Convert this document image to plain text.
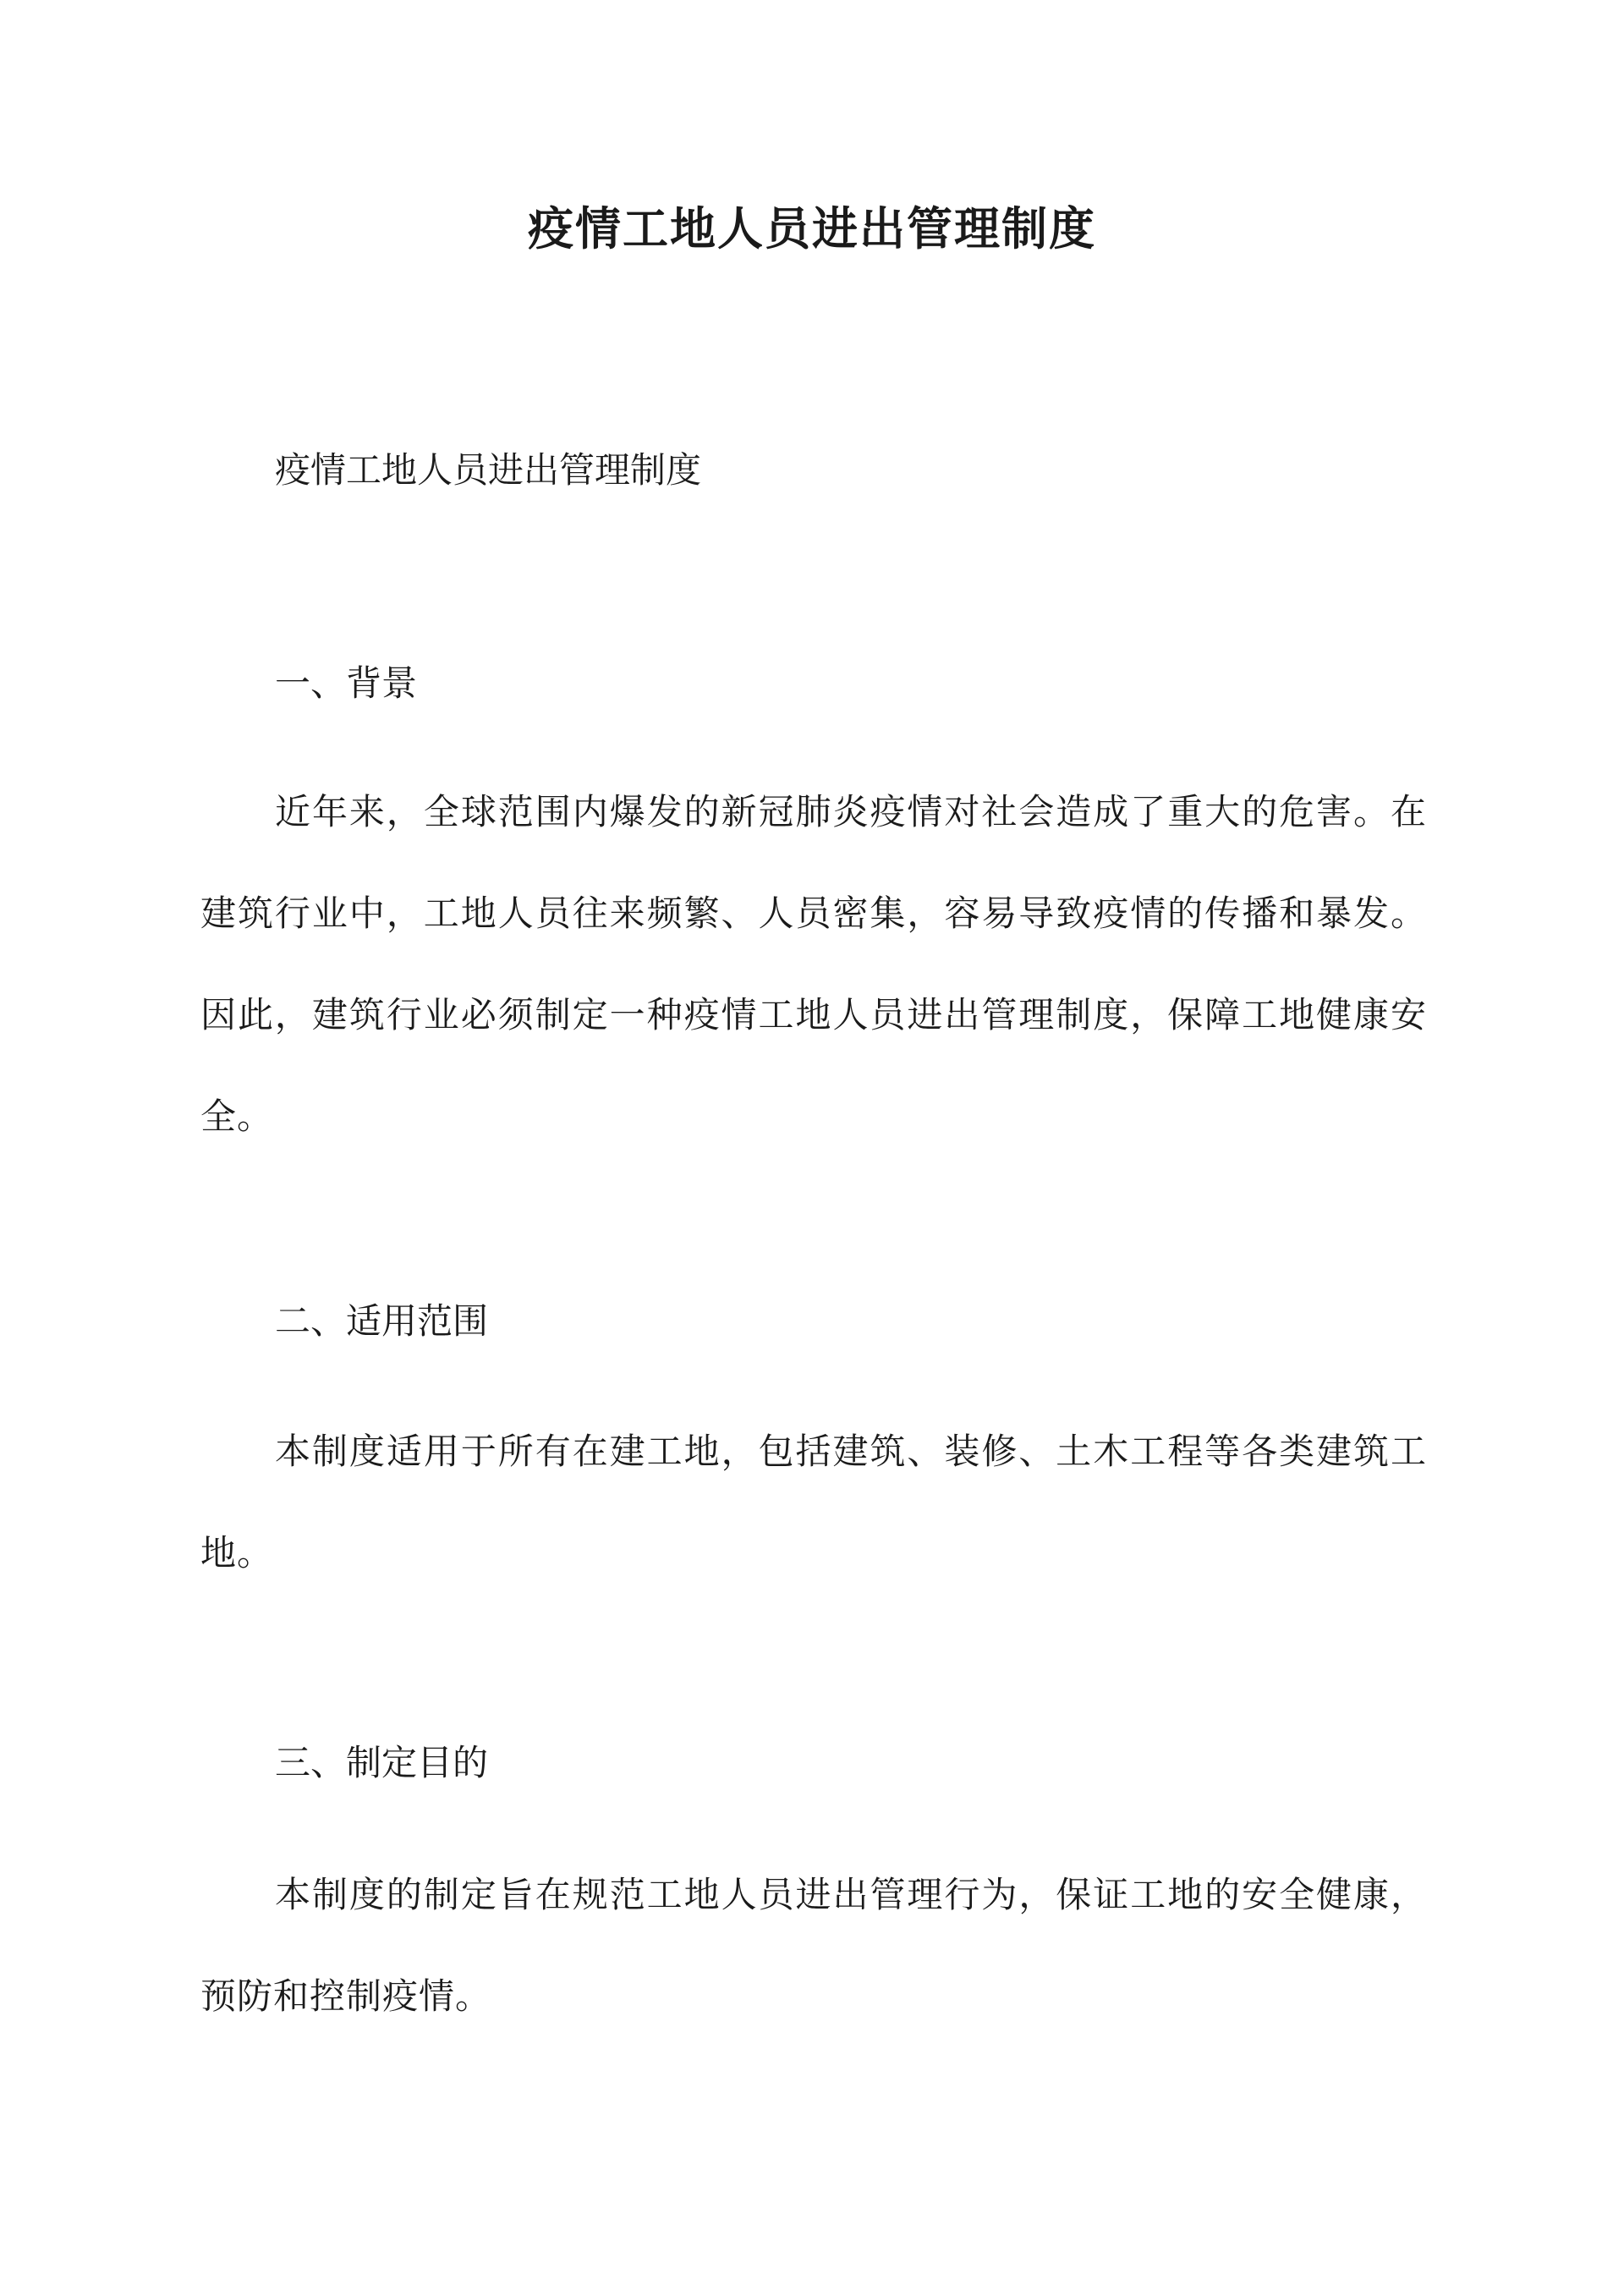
疫情工地人员进出管理制度

疫情工地人员进出管理制度

一、背景

近年来，全球范围内爆发的新冠肺炎疫情对社会造成了重大的危害。在建筑行业中，工地人员往来频繁、人员密集，容易导致疫情的传播和暴发。因此，建筑行业必须制定一种疫情工地人员进出管理制度，保障工地健康安全。

二、适用范围

本制度适用于所有在建工地，包括建筑、装修、土木工程等各类建筑工地。

三、制定目的

本制度的制定旨在规范工地人员进出管理行为，保证工地的安全健康，预防和控制疫情。
